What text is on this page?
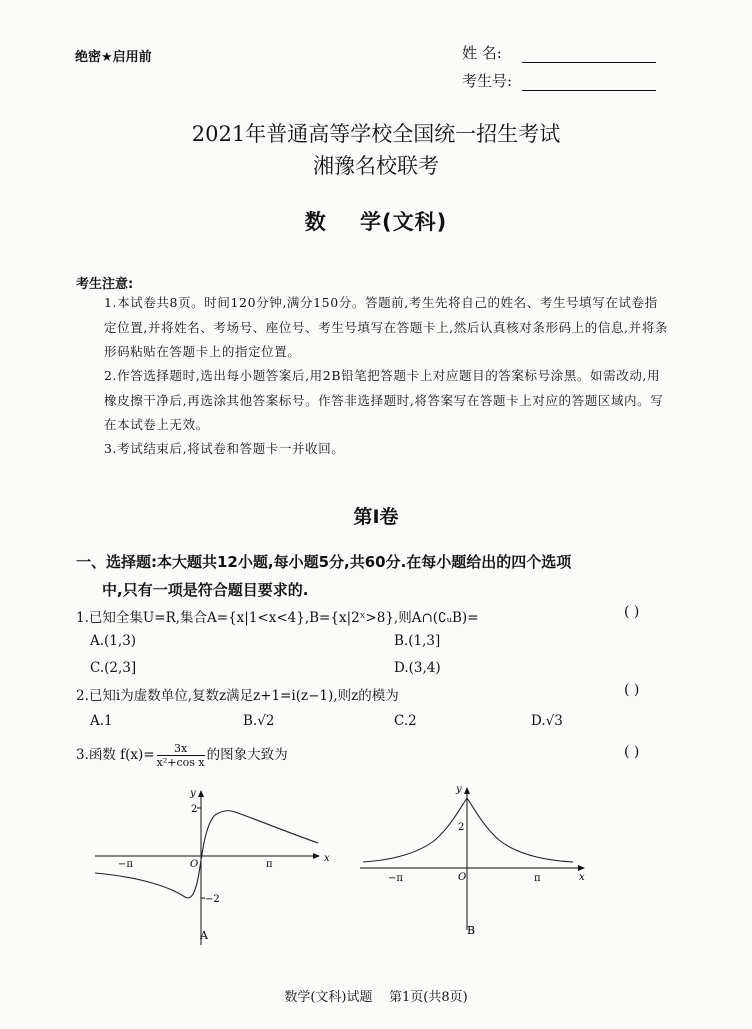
绝密★启用前	姓 名:
考生号:
2021年普通高等学校全国统一招生考试
湘豫名校联考
数    学(文科)
考生注意:
1.本试卷共8页。时间120分钟,满分150分。答题前,考生先将自己的姓名、考生号填写在试卷指定位置,并将姓名、考场号、座位号、考生号填写在答题卡上,然后认真核对条形码上的信息,并将条形码粘贴在答题卡上的指定位置。
2.作答选择题时,选出每小题答案后,用2B铅笔把答题卡上对应题目的答案标号涂黑。如需改动,用橡皮擦干净后,再选涂其他答案标号。作答非选择题时,将答案写在答题卡上对应的答题区域内。写在本试卷上无效。
3.考试结束后,将试卷和答题卡一并收回。
第Ⅰ卷
一、选择题:本大题共12小题,每小题5分,共60分.在每小题给出的四个选项
中,只有一项是符合题目要求的.
1.已知全集U=R,集合A={x|1<x<4},B={x|2ˣ>8},则A∩(∁ᵤB)=	( )
A.(1,3)	B.(1,3]
C.(2,3]	D.(3,4)
2.已知i为虚数单位,复数z满足z+1=i(z−1),则z的模为	( )
A.1	B.√2	C.2	D.√3
3.函数 $f(x)= \frac{3x}{\text{x²+cos x}}$ 的图象大致为	( )
x
y
O
−π	π
2
−2
A
x
y
O
−π	π
2
B
数学(文科)试题    第1页(共8页)
